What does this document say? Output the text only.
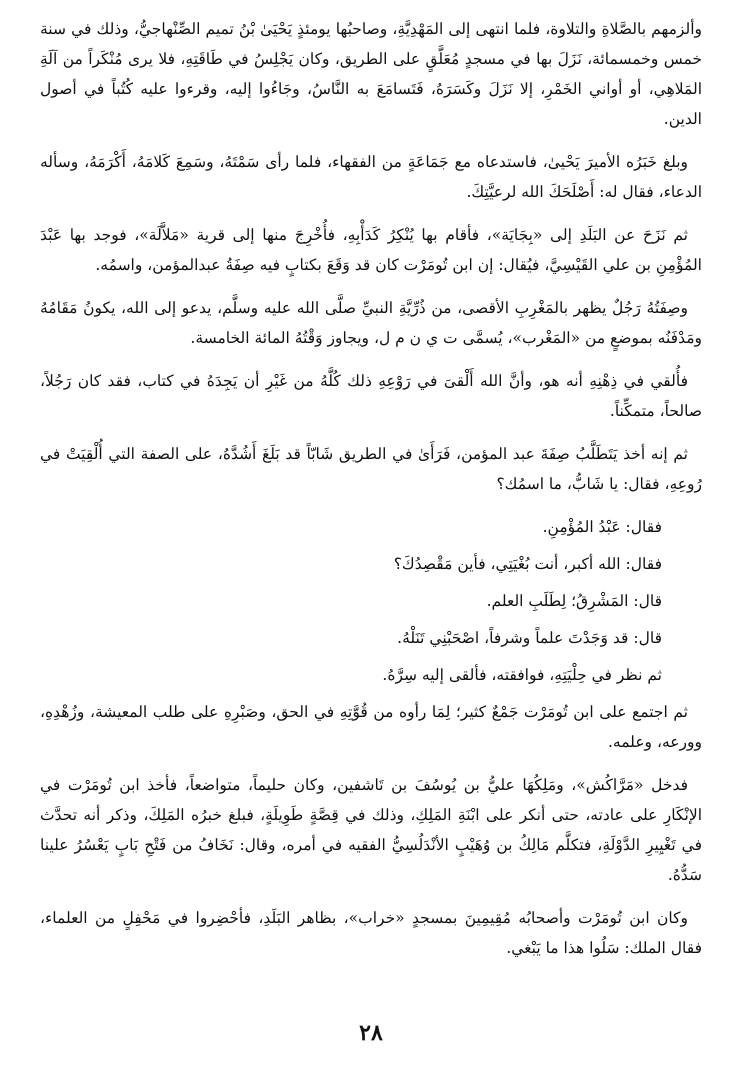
وألزمهم بالصَّلاةِ والتلاوة، فلما انتهى إلى المَهْدِيَّةِ، وصاحبُها يومئذٍ يَحْيَىٰ بْنُ تميم الصِّنْهاجيُّ، وذلك في سنة خمس وخمسمائة، نَزَلَ بها في مسجدٍ مُعَلَّقٍ على الطريق، وكان يَجْلِسُ في طَاقَتِهِ، فلا يرى مُنْكَراً من آلَةِ المَلاهِي، أو أواني الخَمْرِ، إلا نَزَلَ وكَسَرَهُ، فَتَسامَعَ به النَّاسُ، وجَاءُوا إليه، وقرءوا عليه كُتُباً في أصول الدين.

وبلغ خَبَرُه الأميرَ يَحْيىٰ، فاستدعاه مع جَمَاعَةٍ من الفقهاء، فلما رأى سَمْتَهُ، وسَمِعَ كَلامَهُ، أَكْرَمَهُ، وسأله الدعاء، فقال له: أَصْلَحَكَ الله لرعيَّتِكَ.

ثم نَزَحَ عن البَلَدِ إلى «بِجَايَة»، فأقام بها يُنْكِرُ كَدَأْبِهِ، فأُخْرِجَ منها إلى قرية «مَلاَّلَة»، فوجد بها عَبْدَ المُؤْمِنِ بن علي القَيْسِيَّ، فيُقال: إن ابن تُومَرْت كان قد وَقَعَ بكتابٍ فيه صِفَةُ عبدالمؤمن، واسمُه.

وصِفَتُهُ رَجُلٌ يظهر بالمَغْرِبِ الأقصى، من ذُرِّيَّةِ النبيِّ صلَّى الله عليه وسلَّم، يدعو إلى الله، يكونُ مَقَامُهُ ومَدْفَنُه بموضعٍ من «المَغْرب»، يُسمَّى ت ي ن م ل، ويجاوز وَقْتُهُ المائة الخامسة.

فأُلقي في ذِهْنِهِ أنه هو، وأنَّ الله أَلْقىَ في رَوْعِهِ ذلك كُلَّهُ من غَيْرِ أن يَجِدَهُ في كتاب، فقد كان رَجُلاً، صالحاً، متمكِّناً.

ثم إنه أخذ يَتَطَلَّبُ صِفَةَ عبد المؤمن، فَرَأَىٰ في الطريق شَابّاً قد بَلَغَ أَشُدَّهُ، على الصفة التي أُلْقِيَتْ في رُوعِهِ، فقال: يا شَابُّ، ما اسمُك؟

فقال: عَبْدُ المُؤْمِنِ.

فقال: الله أكبر، أنت بُغْيَتِي، فأين مَقْصِدُكَ؟

قال: المَشْرِقُ؛ لِطَلَبِ العلم.

قال: قد وَجَدْتَ علماً وشرفاً، اصْحَبْنِي تَنَلْهُ.

ثم نظر في حِلْيَتِهِ، فوافقته، فألقى إليه سِرَّهُ.

ثم اجتمع على ابن تُومَرْت جَمْعٌ كثير؛ لِمَا رأوه من قُوَّتِهِ في الحق، وصَبْرِهِ على طلب المعيشة، وزُهْدِهِ، وورعه، وعلمه.

فدخل «مَرَّاكُش»، ومَلِكُهَا عليُّ بن يُوسُفَ بن تَاشفين، وكان حليماً، متواضعاً، فأخذ ابن تُومَرْت في الإنْكَارِ على عادته، حتى أنكر على ابْنَةِ المَلِكِ، وذلك في قِصَّةٍ طَوِيلَةٍ، فبلغ خبرُه المَلِكَ، وذكر أنه تحدَّث في تَغْيِيرِ الدَّوْلَةِ، فتكلَّم مَالِكُ بن وُهَيْبٍ الأنْدَلُسِيُّ الفقيه في أمره، وقال: نَخَافُ من فَتْحِ بَابٍ يَعْسُرُ علينا سَدُّهُ.

وكان ابن تُومَرْت وأصحابُه مُقِيمِينَ بمسجدٍ «خراب»، بظاهر البَلَدِ، فأحْضِروا في مَحْفِلٍ من العلماء، فقال الملك: سَلُوا هذا ما يَبْغي.

٢٨
